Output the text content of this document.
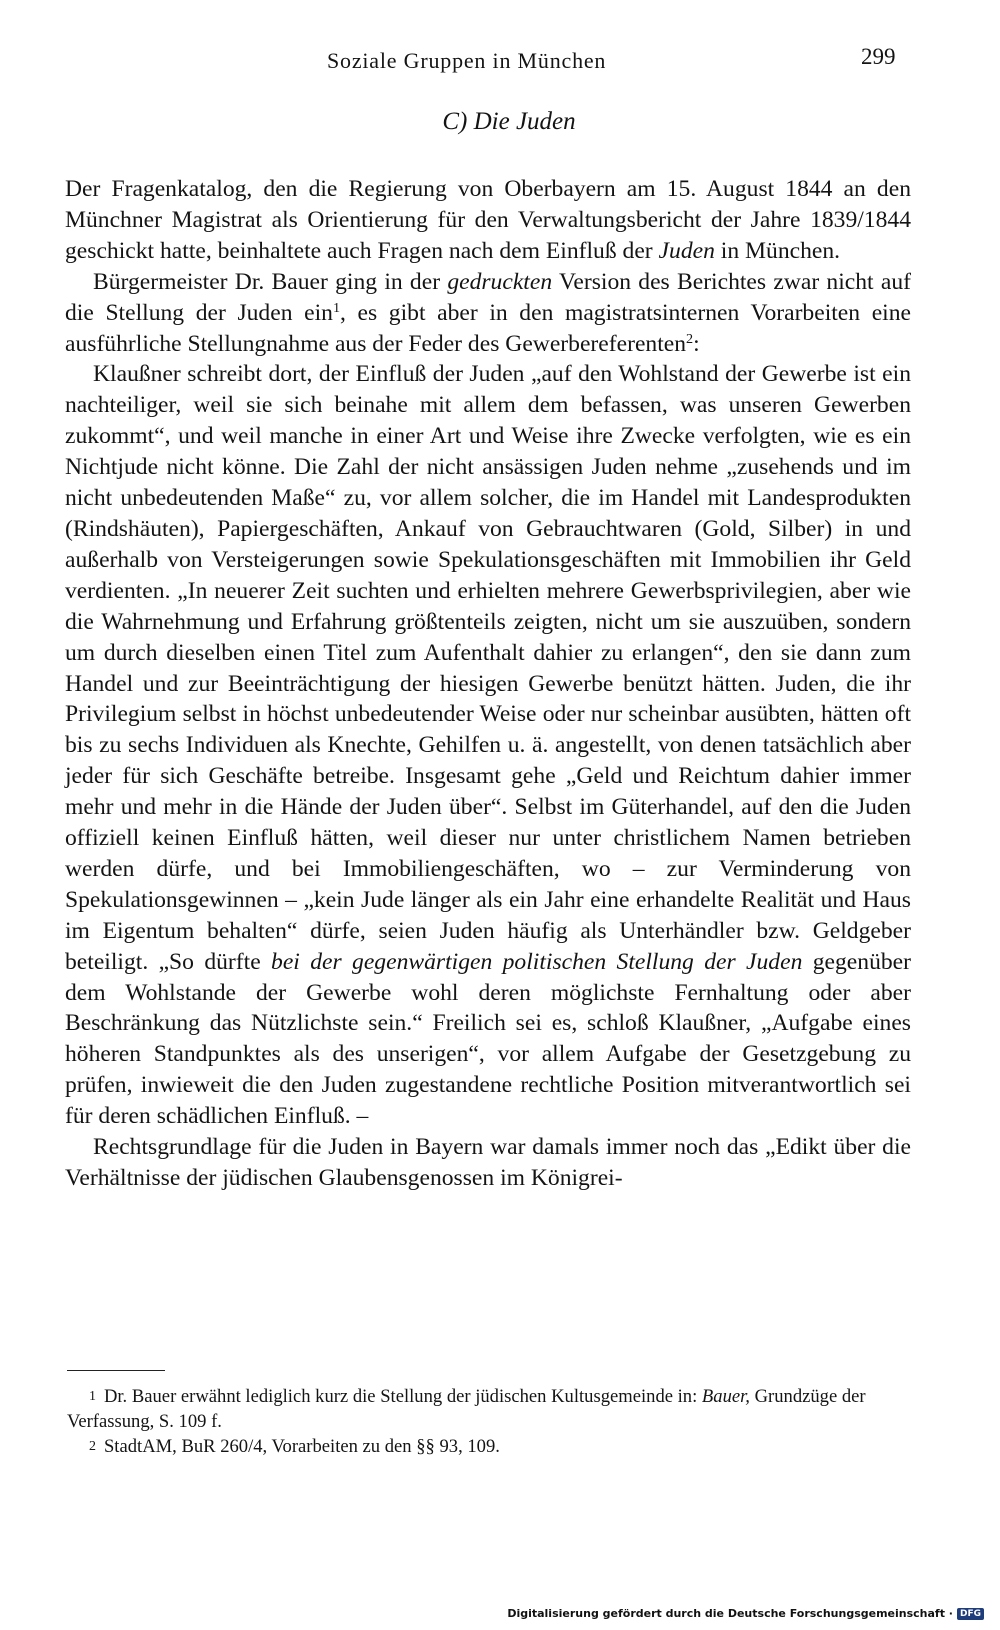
Soziale Gruppen in München	299
C) Die Juden

Der Fragenkatalog, den die Regierung von Oberbayern am 15. August 1844 an den Münchner Magistrat als Orientierung für den Verwaltungsbericht der Jahre 1839/1844 geschickt hatte, beinhaltete auch Fragen nach dem Einfluß der Juden in München.

Bürgermeister Dr. Bauer ging in der gedruckten Version des Berichtes zwar nicht auf die Stellung der Juden ein$^1$, es gibt aber in den magistratsinternen Vorarbeiten eine ausführliche Stellungnahme aus der Feder des Gewerbereferenten$^2$:

Klaußner schreibt dort, der Einfluß der Juden „auf den Wohlstand der Gewerbe ist ein nachteiliger, weil sie sich beinahe mit allem dem befassen, was unseren Gewerben zukommt“, und weil manche in einer Art und Weise ihre Zwecke verfolgten, wie es ein Nichtjude nicht könne. Die Zahl der nicht ansässigen Juden nehme „zusehends und im nicht unbedeutenden Maße“ zu, vor allem solcher, die im Handel mit Landesprodukten (Rindshäuten), Papiergeschäften, Ankauf von Gebrauchtwaren (Gold, Silber) in und außerhalb von Versteigerungen sowie Spekulationsgeschäften mit Immobilien ihr Geld verdienten. „In neuerer Zeit suchten und erhielten mehrere Gewerbsprivilegien, aber wie die Wahrnehmung und Erfahrung größtenteils zeigten, nicht um sie auszuüben, sondern um durch dieselben einen Titel zum Aufenthalt dahier zu erlangen“, den sie dann zum Handel und zur Beeinträchtigung der hiesigen Gewerbe benützt hätten. Juden, die ihr Privilegium selbst in höchst unbedeutender Weise oder nur scheinbar ausübten, hätten oft bis zu sechs Individuen als Knechte, Gehilfen u. ä. angestellt, von denen tatsächlich aber jeder für sich Geschäfte betreibe. Insgesamt gehe „Geld und Reichtum dahier immer mehr und mehr in die Hände der Juden über“. Selbst im Güterhandel, auf den die Juden offiziell keinen Einfluß hätten, weil dieser nur unter christlichem Namen betrieben werden dürfe, und bei Immobiliengeschäften, wo – zur Verminderung von Spekulationsgewinnen – „kein Jude länger als ein Jahr eine erhandelte Realität und Haus im Eigentum behalten“ dürfe, seien Juden häufig als Unterhändler bzw. Geldgeber beteiligt. „So dürfte bei der gegenwärtigen politischen Stellung der Juden gegenüber dem Wohlstande der Gewerbe wohl deren möglichste Fernhaltung oder aber Beschränkung das Nützlichste sein.“ Freilich sei es, schloß Klaußner, „Aufgabe eines höheren Standpunktes als des unserigen“, vor allem Aufgabe der Gesetzgebung zu prüfen, inwieweit die den Juden zugestandene rechtliche Position mitverantwortlich sei für deren schädlichen Einfluß. –

Rechtsgrundlage für die Juden in Bayern war damals immer noch das „Edikt über die Verhältnisse der jüdischen Glaubensgenossen im Königrei-

1 Dr. Bauer erwähnt lediglich kurz die Stellung der jüdischen Kultusgemeinde in: Bauer, Grundzüge der Verfassung, S. 109 f.

2 StadtAM, BuR 260/4, Vorarbeiten zu den §§ 93, 109.

Digitalisierung gefördert durch die Deutsche Forschungsgemeinschaft · DFG
